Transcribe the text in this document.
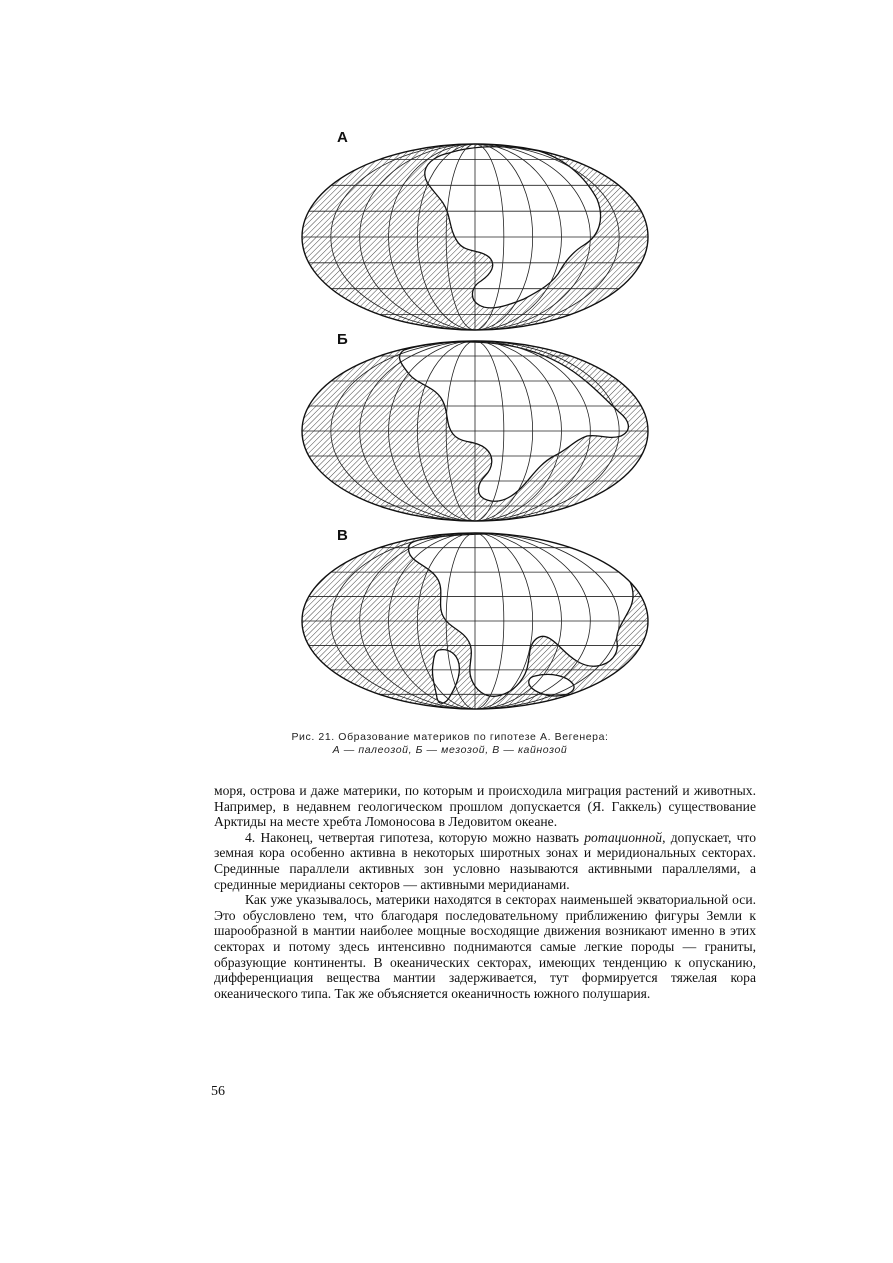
А
Б
В
Рис. 21. Образование материков по гипотезе А. Вегенера:
А — палеозой, Б — мезозой, В — кайнозой

моря, острова и даже материки, по которым и происходила миграция растений и животных. Например, в недавнем геологическом прошлом допускается (Я. Гаккель) существование Арктиды на месте хребта Ломоносова в Ледовитом океане.

4. Наконец, четвертая гипотеза, которую можно назвать ротационной, допускает, что земная кора особенно активна в некоторых широтных зонах и меридиональных секторах. Срединные параллели активных зон условно называются активными параллелями, а срединные меридианы секторов — активными меридианами.

Как уже указывалось, материки находятся в секторах наименьшей экваториальной оси. Это обусловлено тем, что благодаря последовательному приближению фигуры Земли к шарообразной в мантии наиболее мощные восходящие движения возникают именно в этих секторах и потому здесь интенсивно поднимаются самые легкие породы — граниты, образующие континенты. В океанических секторах, имеющих тенденцию к опусканию, дифференциация вещества мантии задерживается, тут формируется тяжелая кора океанического типа. Так же объясняется океаничность южного полушария.

56
